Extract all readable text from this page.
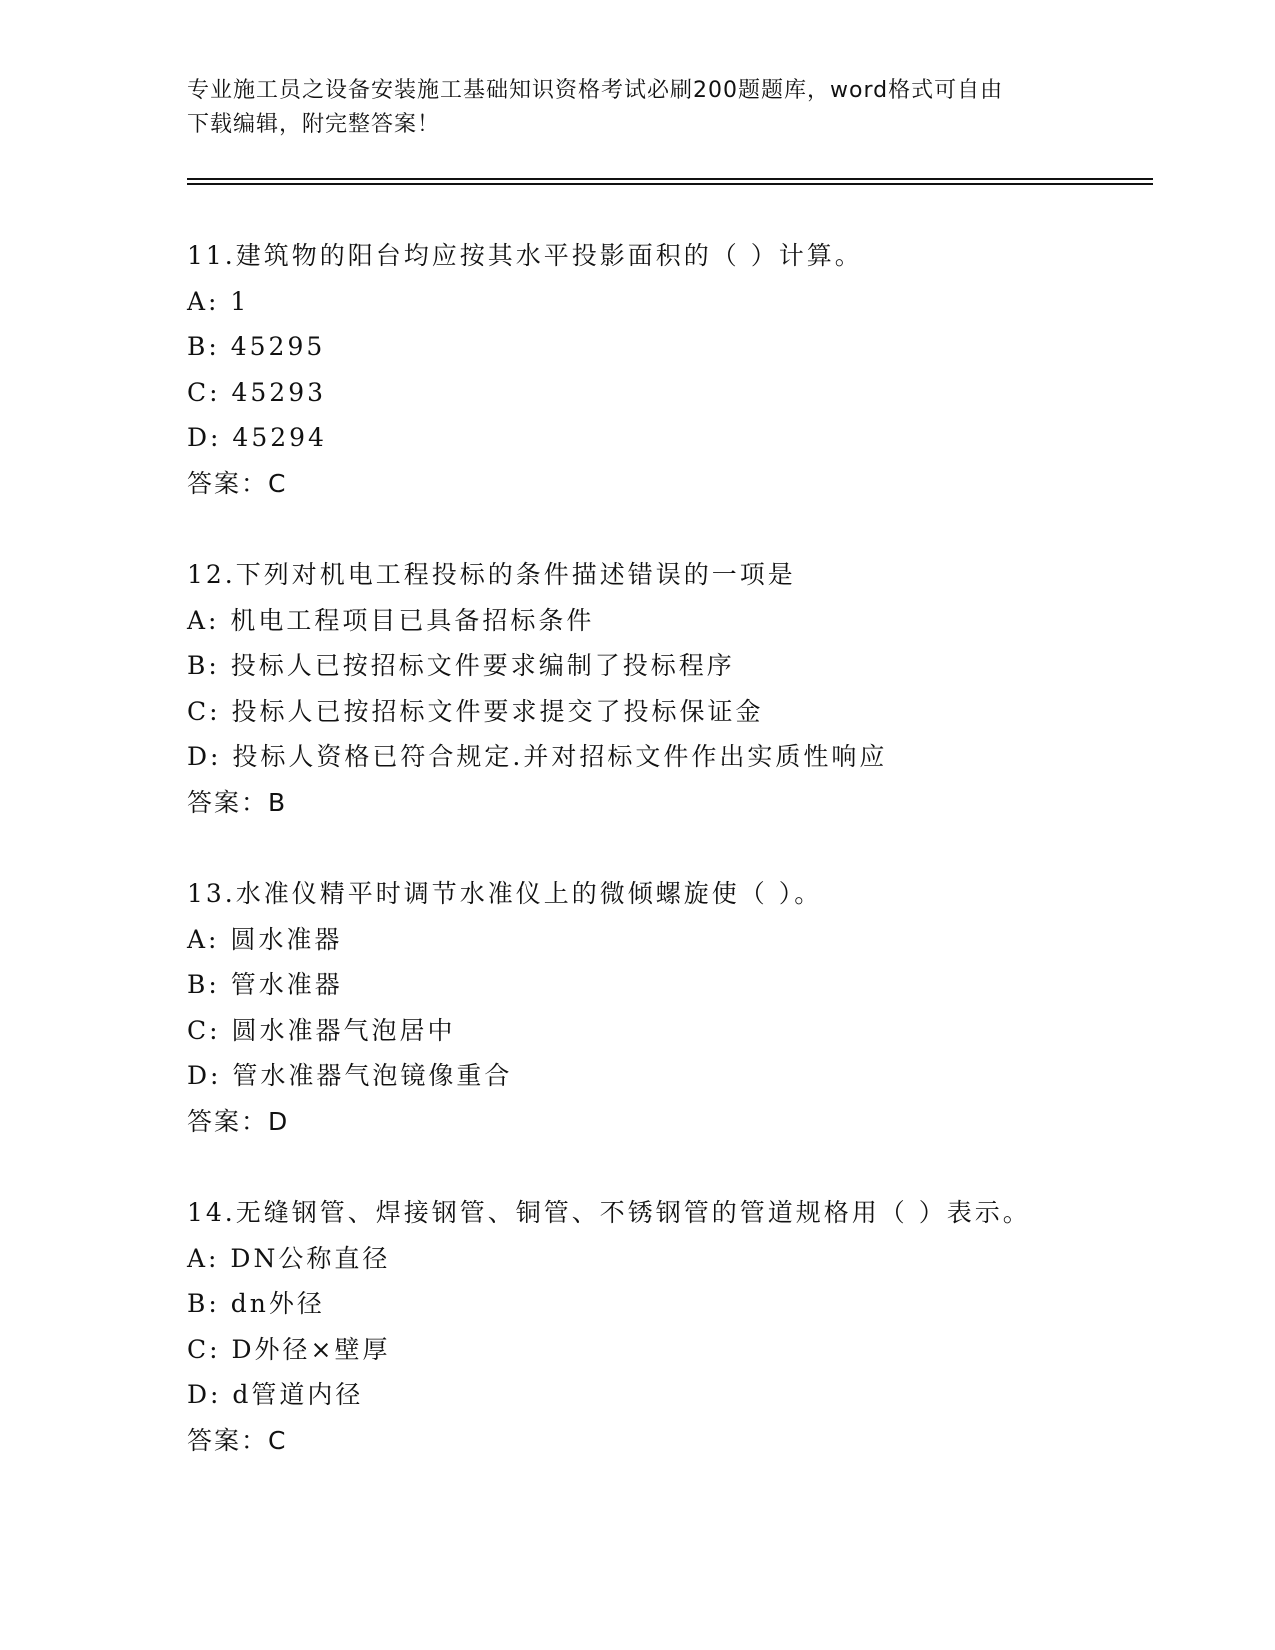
专业施工员之设备安装施工基础知识资格考试必刷200题题库，word格式可自由
下载编辑，附完整答案！
11.建筑物的阳台均应按其水平投影面积的（ ）计算。
A: 1
B: 45295
C: 45293
D: 45294
答案：C
12.下列对机电工程投标的条件描述错误的一项是
A: 机电工程项目已具备招标条件
B: 投标人已按招标文件要求编制了投标程序
C: 投标人已按招标文件要求提交了投标保证金
D: 投标人资格已符合规定.并对招标文件作出实质性响应
答案：B
13.水准仪精平时调节水准仪上的微倾螺旋使（ ）。
A: 圆水准器
B: 管水准器
C: 圆水准器气泡居中
D: 管水准器气泡镜像重合
答案：D
14.无缝钢管、焊接钢管、铜管、不锈钢管的管道规格用（ ）表示。
A: DN公称直径
B: dn外径
C: D外径×壁厚
D: d管道内径
答案：C
